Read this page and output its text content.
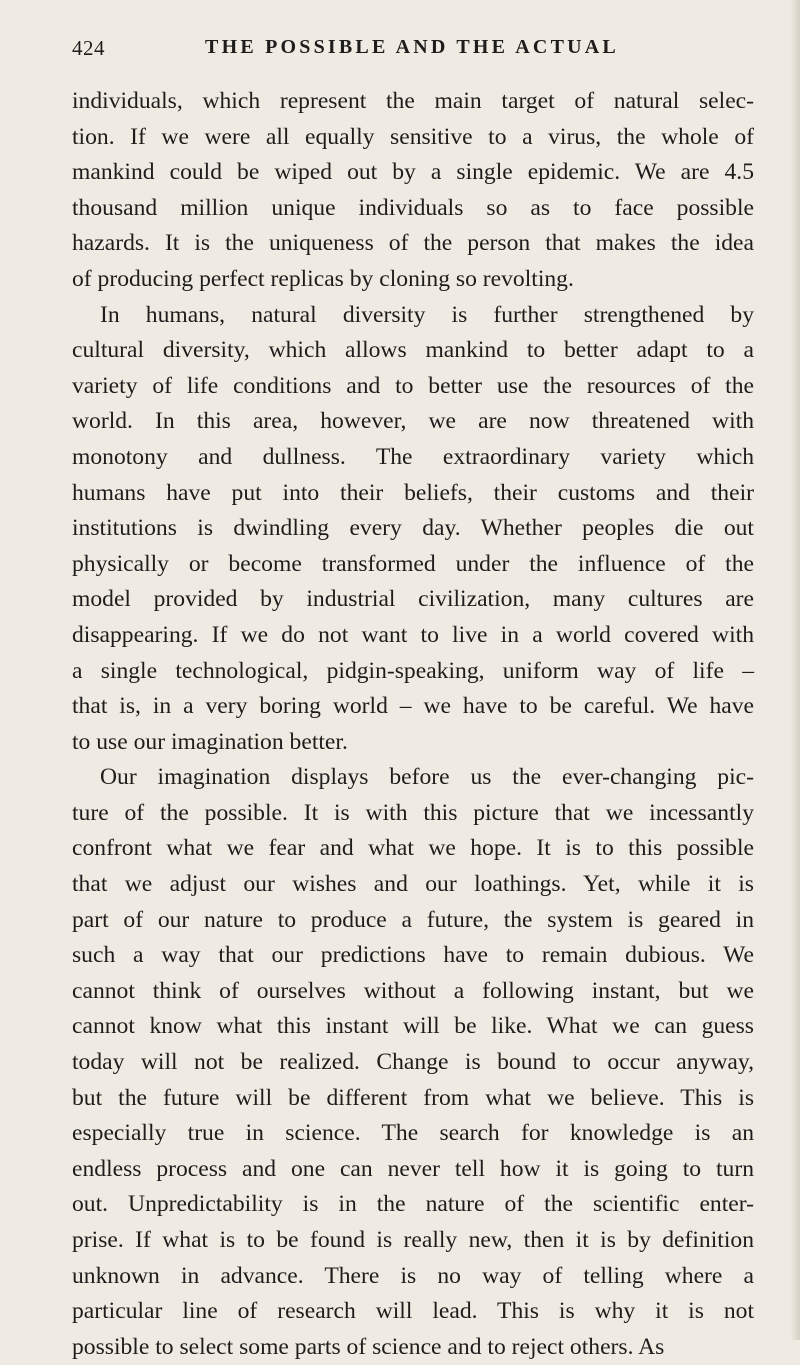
424	THE POSSIBLE AND THE ACTUAL
individuals, which represent the main target of natural selec-
tion. If we were all equally sensitive to a virus, the whole of
mankind could be wiped out by a single epidemic. We are 4.5
thousand million unique individuals so as to face possible
hazards. It is the uniqueness of the person that makes the idea
of producing perfect replicas by cloning so revolting.
In humans, natural diversity is further strengthened by
cultural diversity, which allows mankind to better adapt to a
variety of life conditions and to better use the resources of the
world. In this area, however, we are now threatened with
monotony and dullness. The extraordinary variety which
humans have put into their beliefs, their customs and their
institutions is dwindling every day. Whether peoples die out
physically or become transformed under the influence of the
model provided by industrial civilization, many cultures are
disappearing. If we do not want to live in a world covered with
a single technological, pidgin-speaking, uniform way of life –
that is, in a very boring world – we have to be careful. We have
to use our imagination better.
Our imagination displays before us the ever-changing pic-
ture of the possible. It is with this picture that we incessantly
confront what we fear and what we hope. It is to this possible
that we adjust our wishes and our loathings. Yet, while it is
part of our nature to produce a future, the system is geared in
such a way that our predictions have to remain dubious. We
cannot think of ourselves without a following instant, but we
cannot know what this instant will be like. What we can guess
today will not be realized. Change is bound to occur anyway,
but the future will be different from what we believe. This is
especially true in science. The search for knowledge is an
endless process and one can never tell how it is going to turn
out. Unpredictability is in the nature of the scientific enter-
prise. If what is to be found is really new, then it is by definition
unknown in advance. There is no way of telling where a
particular line of research will lead. This is why it is not
possible to select some parts of science and to reject others. As
